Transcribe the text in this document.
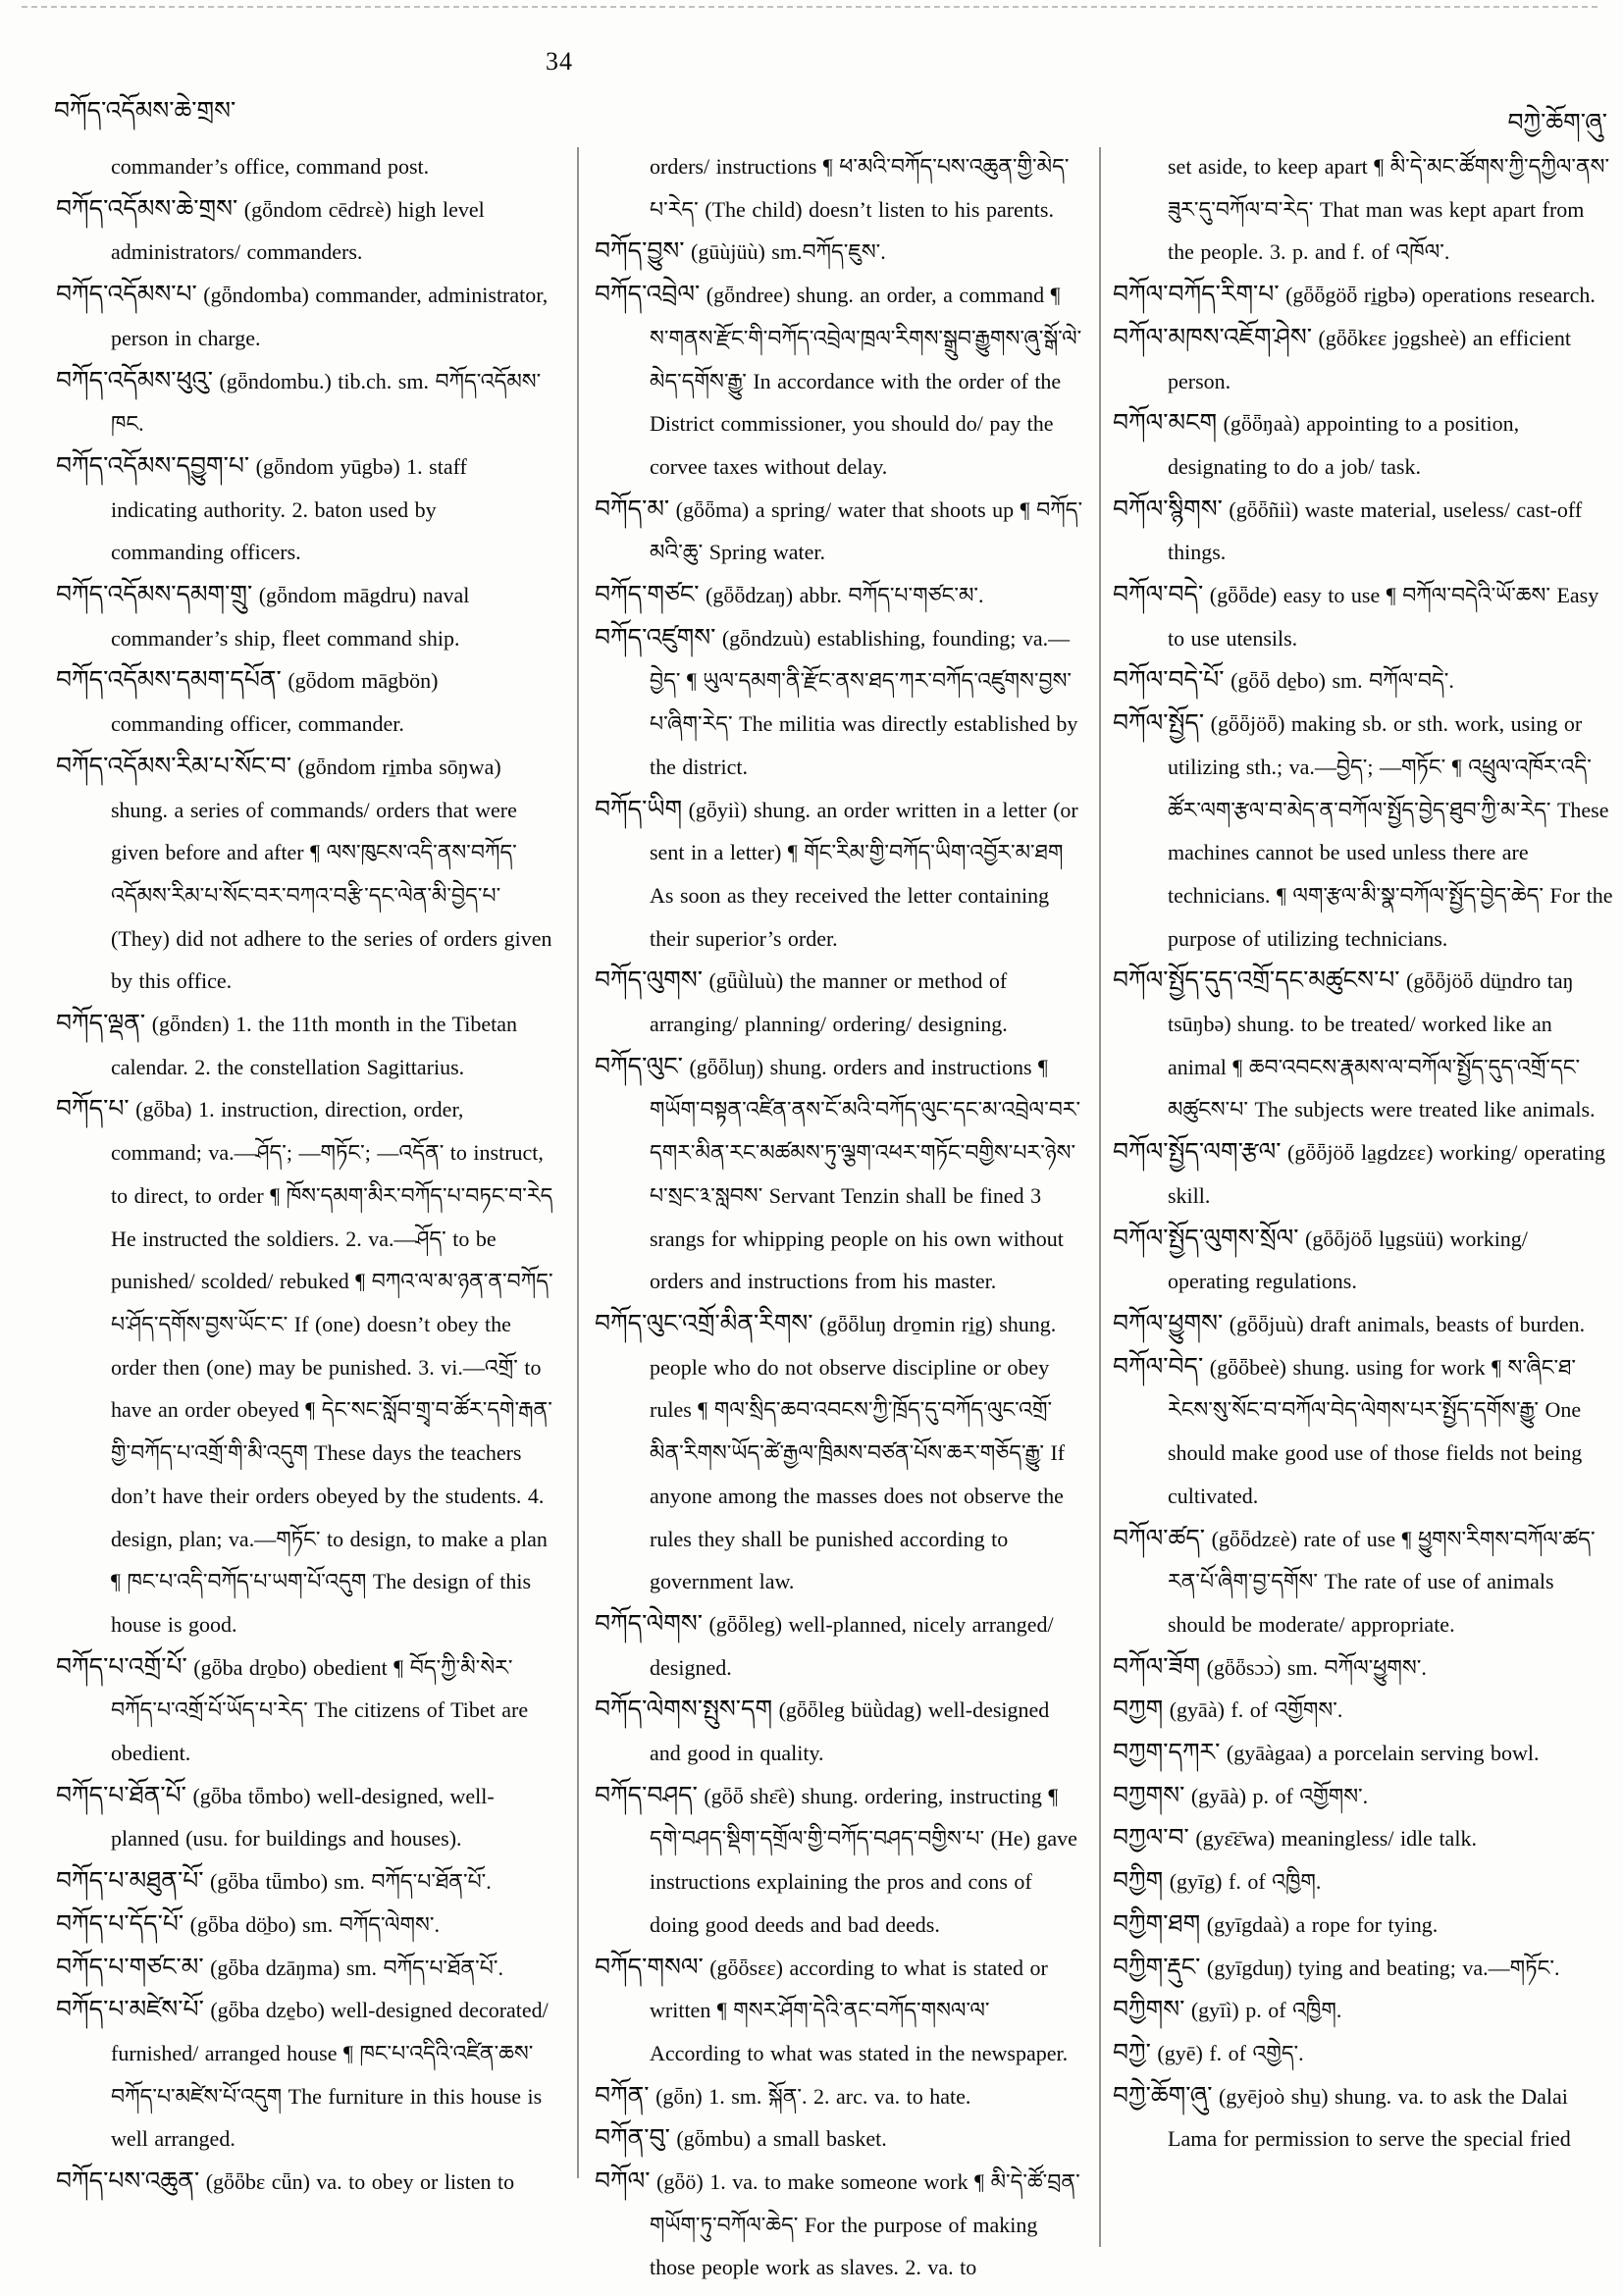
བཀོད་འདོམས་ཆེ་གྲས་
34
བཀྱེ་ཆོག་ཞུ་

commander’s office, command post.

བཀོད་འདོམས་ཆེ་གྲས་ (gȫndom cēdrɛè) high level administrators/ commanders.

བཀོད་འདོམས་པ་ (gȫndomba) commander, administrator, person in charge.

བཀོད་འདོམས་ཕུའུ་ (gȫndombu.) tib.ch. sm. བཀོད་འདོམས་ཁང.

བཀོད་འདོམས་དབྱུག་པ་ (gȫndom yūgbə) 1. staff indicating authority. 2. baton used by commanding officers.

བཀོད་འདོམས་དམག་གྲུ་ (gȫndom māgdru) naval commander’s ship, fleet command ship.

བཀོད་འདོམས་དམག་དཔོན་ (gȫdom māgbön) commanding officer, commander.

བཀོད་འདོམས་རིམ་པ་སོང་བ་ (gȫndom ri̱mba sōŋwa) shung. a series of commands/ orders that were given before and after ¶ ལས་ཁུངས་འདི་ནས་བཀོད་འདོམས་རིམ་པ་སོང་བར་བཀའ་བརྩི་དང་ལེན་མི་བྱེད་པ་ (They) did not adhere to the series of orders given by this office.

བཀོད་ལྡན་ (gȫndɛn) 1. the 11th month in the Tibetan calendar. 2. the constellation Sagittarius.

བཀོད་པ་ (gȫba) 1. instruction, direction, order, command; va.—ཤོད་; —གཏོང་; —འདོན་ to instruct, to direct, to order ¶ ཁོས་དམག་མིར་བཀོད་པ་བཏང་བ་རེད He instructed the soldiers. 2. va.—ཤོད་ to be punished/ scolded/ rebuked ¶ བཀའ་ལ་མ་ཉན་ན་བཀོད་པ་ཤོད་དགོས་བྱས་ཡོང་ང་ If (one) doesn’t obey the order then (one) may be punished. 3. vi.—འགྲོ་ to have an order obeyed ¶ དེང་སང་སློབ་གྲྭ་བ་ཚོར་དགེ་རྒན་གྱི་བཀོད་པ་འགྲོ་གི་མི་འདུག These days the teachers don’t have their orders obeyed by the students. 4. design, plan; va.—གཏོང་ to design, to make a plan ¶ ཁང་པ་འདི་བཀོད་པ་ཡག་པོ་འདུག The design of this house is good.

བཀོད་པ་འགྲོ་པོ་ (gȫba dro̱bo) obedient ¶ བོད་ཀྱི་མི་སེར་བཀོད་པ་འགྲོ་པོ་ཡོད་པ་རེད་ The citizens of Tibet are obedient.

བཀོད་པ་ཐོན་པོ་ (gȫba tȫmbo) well-designed, well-planned (usu. for buildings and houses).

བཀོད་པ་མཐུན་པོ་ (gȫba tǖmbo) sm. བཀོད་པ་ཐོན་པོ་.

བཀོད་པ་དོད་པོ་ (gȫba dö̱bo) sm. བཀོད་ལེགས་.

བཀོད་པ་གཙང་མ་ (gȫba dzāŋma) sm. བཀོད་པ་ཐོན་པོ་.

བཀོད་པ་མཛེས་པོ་ (gȫba dze̱bo) well-designed decorated/ furnished/ arranged house ¶ ཁང་པ་འདིའི་འཛིན་ཆས་བཀོད་པ་མཛེས་པོ་འདུག The furniture in this house is well arranged.

བཀོད་པས་འཆུན་ (gȫȫbɛ cǖn) va. to obey or listen to

orders/ instructions ¶ ཕ་མའི་བཀོད་པས་འཆུན་གྱི་མེད་པ་རེད་ (The child) doesn’t listen to his parents.

བཀོད་བྱུས་ (gūùjüù) sm.བཀོད་ཇུས་.

བཀོད་འབྲེལ་ (gȫndree) shung. an order, a command ¶ ས་གནས་རྫོང་གི་བཀོད་འབྲེལ་ཁྲལ་རིགས་སྒྲུབ་རྒྱུགས་ཞུ་སྒོ་ལེ་མེད་དགོས་རྒྱུ་ In accordance with the order of the District commissioner, you should do/ pay the corvee taxes without delay.

བཀོད་མ་ (gȫȫma) a spring/ water that shoots up ¶ བཀོད་མའི་ཆུ་ Spring water.

བཀོད་གཙང་ (gȫȫdzaŋ) abbr. བཀོད་པ་གཙང་མ་.

བཀོད་འཛུགས་ (gȫndzuù) establishing, founding; va.—བྱེད་ ¶ ཡུལ་དམག་ནི་རྫོང་ནས་ཐད་ཀར་བཀོད་འཛུགས་བྱས་པ་ཞིག་རེད་ The militia was directly established by the district.

བཀོད་ཡིག (gȫyiì) shung. an order written in a letter (or sent in a letter) ¶ གོང་རིམ་གྱི་བཀོད་ཡིག་འབྱོར་མ་ཐག As soon as they received the letter containing their superior’s order.

བཀོད་ལུགས་ (gǖǜluù) the manner or method of arranging/ planning/ ordering/ designing.

བཀོད་ལུང་ (gȫȫluŋ) shung. orders and instructions ¶ གཡོག་བསྟན་འཛིན་ནས་ངོ་མའི་བཀོད་ལུང་དང་མ་འབྲེལ་བར་དགར་མིན་རང་མཚམས་ཏུ་ལྕག་འཕར་གཏོང་བགྱིས་པར་ཉེས་པ་སྲང་༣་སླབས་ Servant Tenzin shall be fined 3 srangs for whipping people on his own without orders and instructions from his master.

བཀོད་ལུང་འགྲོ་མིན་རིགས་ (gȫȫluŋ dro̱min ri̱g) shung. people who do not observe discipline or obey rules ¶ གལ་སྲིད་ཆབ་འབངས་ཀྱི་ཁྲོད་དུ་བཀོད་ལུང་འགྲོ་མིན་རིགས་ཡོད་ཚེ་རྒྱལ་ཁྲིམས་བཙན་པོས་ཆར་གཅོད་རྒྱུ་ If anyone among the masses does not observe the rules they shall be punished according to government law.

བཀོད་ལེགས་ (gȫȫleg) well-planned, nicely arranged/ designed.

བཀོད་ལེགས་སྤུས་དག (gȫȫleg büǜdag) well-designed and good in quality.

བཀོད་བཤད་ (gȫȫ shɛ̄è) shung. ordering, instructing ¶ དགེ་བཤད་སྡིག་དགྲོལ་གྱི་བཀོད་བཤད་བགྱིས་པ་ (He) gave instructions explaining the pros and cons of doing good deeds and bad deeds.

བཀོད་གསལ་ (gȫȫsɛɛ) according to what is stated or written ¶ གསར་ཤོག་དེའི་ནང་བཀོད་གསལ་ལ་ According to what was stated in the newspaper.

བཀོན་ (gȫn) 1. sm. སྐོན་. 2. arc. va. to hate.

བཀོན་བུ་ (gȫmbu) a small basket.

བཀོལ་ (gȫö) 1. va. to make someone work ¶ མི་དེ་ཚོ་བྲན་གཡོག་ཏུ་བཀོལ་ཆེད་ For the purpose of making those people work as slaves. 2. va. to

set aside, to keep apart ¶ མི་དེ་མང་ཚོགས་ཀྱི་དཀྱིལ་ནས་ཟུར་དུ་བཀོལ་བ་རེད་ That man was kept apart from the people. 3. p. and f. of འཁོལ་.

བཀོལ་བཀོད་རིག་པ་ (gȫȫgöȫ ri̱gbə) operations research.

བཀོལ་མཁས་འཇོག་ཤེས་ (gȫȫkɛɛ jo̱gsheè) an efficient person.

བཀོལ་མངག (gȫȫŋaà) appointing to a position, designating to do a job/ task.

བཀོལ་སྙིགས་ (gȫȫñiì) waste material, useless/ cast-off things.

བཀོལ་བདེ་ (gȫȫde) easy to use ¶ བཀོལ་བདེའི་ཡོ་ཆས་ Easy to use utensils.

བཀོལ་བདེ་པོ་ (gȫȫ de̱bo) sm. བཀོལ་བདེ་.

བཀོལ་སྤྱོད་ (gȫȫjöȫ) making sb. or sth. work, using or utilizing sth.; va.—བྱེད་; —གཏོང་ ¶ འཕྲུལ་འཁོར་འདི་ཚོར་ལག་རྩལ་བ་མེད་ན་བཀོལ་སྤྱོད་བྱེད་ཐུབ་ཀྱི་མ་རེད་ These machines cannot be used unless there are technicians. ¶ ལག་རྩལ་མི་སྣ་བཀོལ་སྤྱོད་བྱེད་ཆེད་ For the purpose of utilizing technicians.

བཀོལ་སྤྱོད་དུད་འགྲོ་དང་མཚུངས་པ་ (gȫȫjöȫ dü̱ndro taŋ tsūŋbə) shung. to be treated/ worked like an animal ¶ ཆབ་འབངས་རྣམས་ལ་བཀོལ་སྤྱོད་དུད་འགྲོ་དང་མཚུངས་པ་ The subjects were treated like animals.

བཀོལ་སྤྱོད་ལག་རྩལ་ (gȫȫjöȫ la̱gdzɛɛ) working/ operating skill.

བཀོལ་སྤྱོད་ལུགས་སྲོལ་ (gȫȫjöȫ lu̱gsüü) working/ operating regulations.

བཀོལ་ཕྱུགས་ (gȫȫjuù) draft animals, beasts of burden.

བཀོལ་བེད་ (gȫȫbeè) shung. using for work ¶ ས་ཞིང་ཐ་རེངས་སུ་སོང་བ་བཀོལ་བེད་ལེགས་པར་སྤྱོད་དགོས་རྒྱུ་ One should make good use of those fields not being cultivated.

བཀོལ་ཚད་ (gȫȫdzɛè) rate of use ¶ ཕྱུགས་རིགས་བཀོལ་ཚད་རན་པོ་ཞིག་བྱ་དགོས་ The rate of use of animals should be moderate/ appropriate.

བཀོལ་ཟོག (gȫȫsɔɔ̀) sm. བཀོལ་ཕྱུགས་.

བཀྱག (gyāà) f. of འགྱོགས་.

བཀྱག་དཀར་ (gyāàgaa) a porcelain serving bowl.

བཀྱགས་ (gyāà) p. of འགྱོགས་.

བཀྱལ་བ་ (gyɛ̄ɛ̄wa) meaningless/ idle talk.

བཀྱིག (gyīg) f. of འཁྱིག.

བཀྱིག་ཐག (gyīgdaà) a rope for tying.

བཀྱིག་རྡུང་ (gyīgduŋ) tying and beating; va.—གཏོང་.

བཀྱིགས་ (gyīì) p. of འཁྱིག.

བཀྱེ་ (gyē) f. of འགྱེད་.

བཀྱེ་ཆོག་ཞུ་ (gyējoò shu̱) shung. va. to ask the Dalai Lama for permission to serve the special fried
